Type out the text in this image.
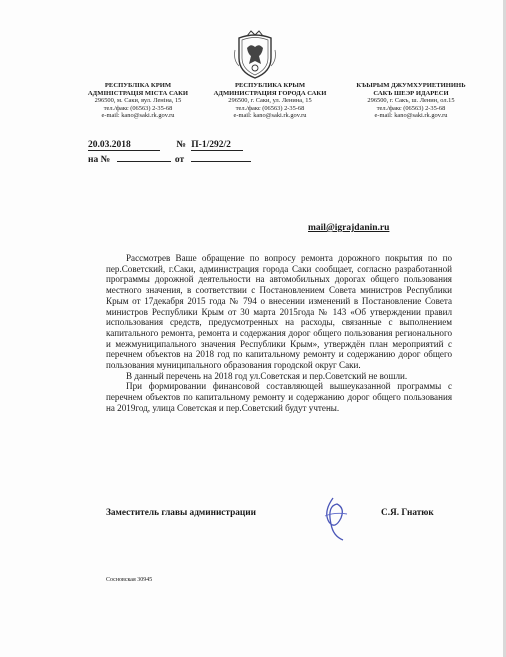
РЕСПУБЛІКА КРИМ
АДМІНІСТРАЦІЯ МІСТА САКИ
296500, м. Саки, вул. Леніна, 15
тел./факс (06563) 2-35-68
e-mail: kano@saki.rk.gov.ru
РЕСПУБЛИКА КРЫМ
АДМИНИСТРАЦИЯ ГОРОДА САКИ
296500, г. Саки, ул. Ленина, 15
тел./факс (06563) 2-35-68
e-mail: kano@saki.rk.gov.ru
КЪЫРЫМ ДЖУМХУРИЕТИНИНЬ
САКЪ ШЕЭР ИДАРЕСИ
296500, г. Сакъ, ш. Ленин, ол.15
тел./факс (06563) 2-35-68
e-mail: kano@saki.rk.gov.ru
20.03.2018	№ П-1/292/2
на №	от
mail@igrajdanin.ru

Рассмотрев Ваше обращение по вопросу ремонта дорожного покрытия по по пер.Советский, г.Саки, администрация города Саки сообщает, согласно разработанной программы дорожной деятельности на автомобильных дорогах общего пользования местного значения, в соответствии с Постановлением Совета министров Республики Крым от 17декабря 2015 года № 794 о внесении изменений в Постановление Совета министров Республики Крым от 30 марта 2015года № 143 «Об утверждении правил использования средств, предусмотренных на расходы, связанные с выполнением капитального ремонта, ремонта и содержания дорог общего пользования регионального и межмуниципального значения Республики Крым», утверждён план мероприятий с перечнем объектов на 2018 год по капитальному ремонту и содержанию дорог общего пользования муниципального образования городской округ Саки.

В данный перечень на 2018 год ул.Советская и пер.Советский не вошли.

При формировании финансовой составляющей вышеуказанной программы с перечнем объектов по капитальному ремонту и содержанию дорог общего пользования на 2019год, улица Советская и пер.Советский будут учтены.

Заместитель главы администрации	С.Я. Гнатюк
Сосновская 30945
